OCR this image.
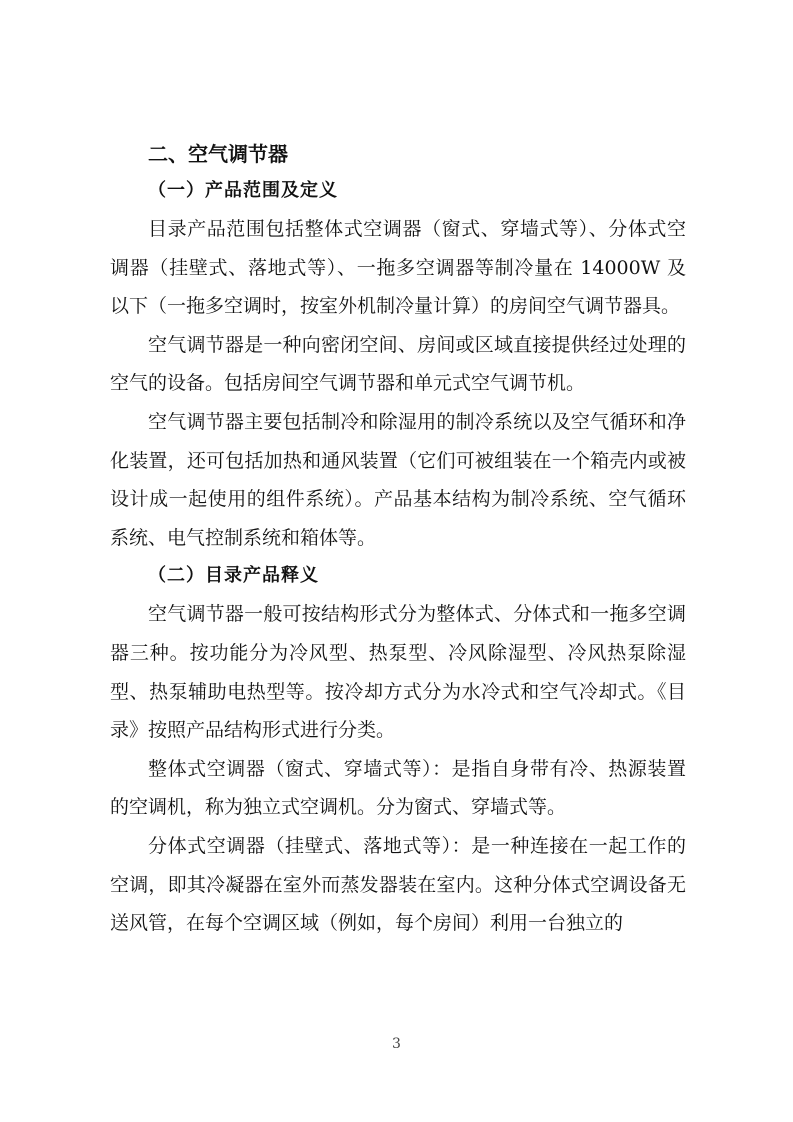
二、空气调节器
（一）产品范围及定义

目录产品范围包括整体式空调器（窗式、穿墙式等）、分体式空调器（挂壁式、落地式等）、一拖多空调器等制冷量在 14000W 及以下（一拖多空调时，按室外机制冷量计算）的房间空气调节器具。

空气调节器是一种向密闭空间、房间或区域直接提供经过处理的空气的设备。包括房间空气调节器和单元式空气调节机。

空气调节器主要包括制冷和除湿用的制冷系统以及空气循环和净化装置，还可包括加热和通风装置（它们可被组装在一个箱壳内或被设计成一起使用的组件系统）。产品基本结构为制冷系统、空气循环系统、电气控制系统和箱体等。

（二）目录产品释义

空气调节器一般可按结构形式分为整体式、分体式和一拖多空调器三种。按功能分为冷风型、热泵型、冷风除湿型、冷风热泵除湿型、热泵辅助电热型等。按冷却方式分为水冷式和空气冷却式。《目录》按照产品结构形式进行分类。

整体式空调器（窗式、穿墙式等）：是指自身带有冷、热源装置的空调机，称为独立式空调机。分为窗式、穿墙式等。

分体式空调器（挂壁式、落地式等）：是一种连接在一起工作的空调，即其冷凝器在室外而蒸发器装在室内。这种分体式空调设备无送风管，在每个空调区域（例如，每个房间）利用一台独立的

3
